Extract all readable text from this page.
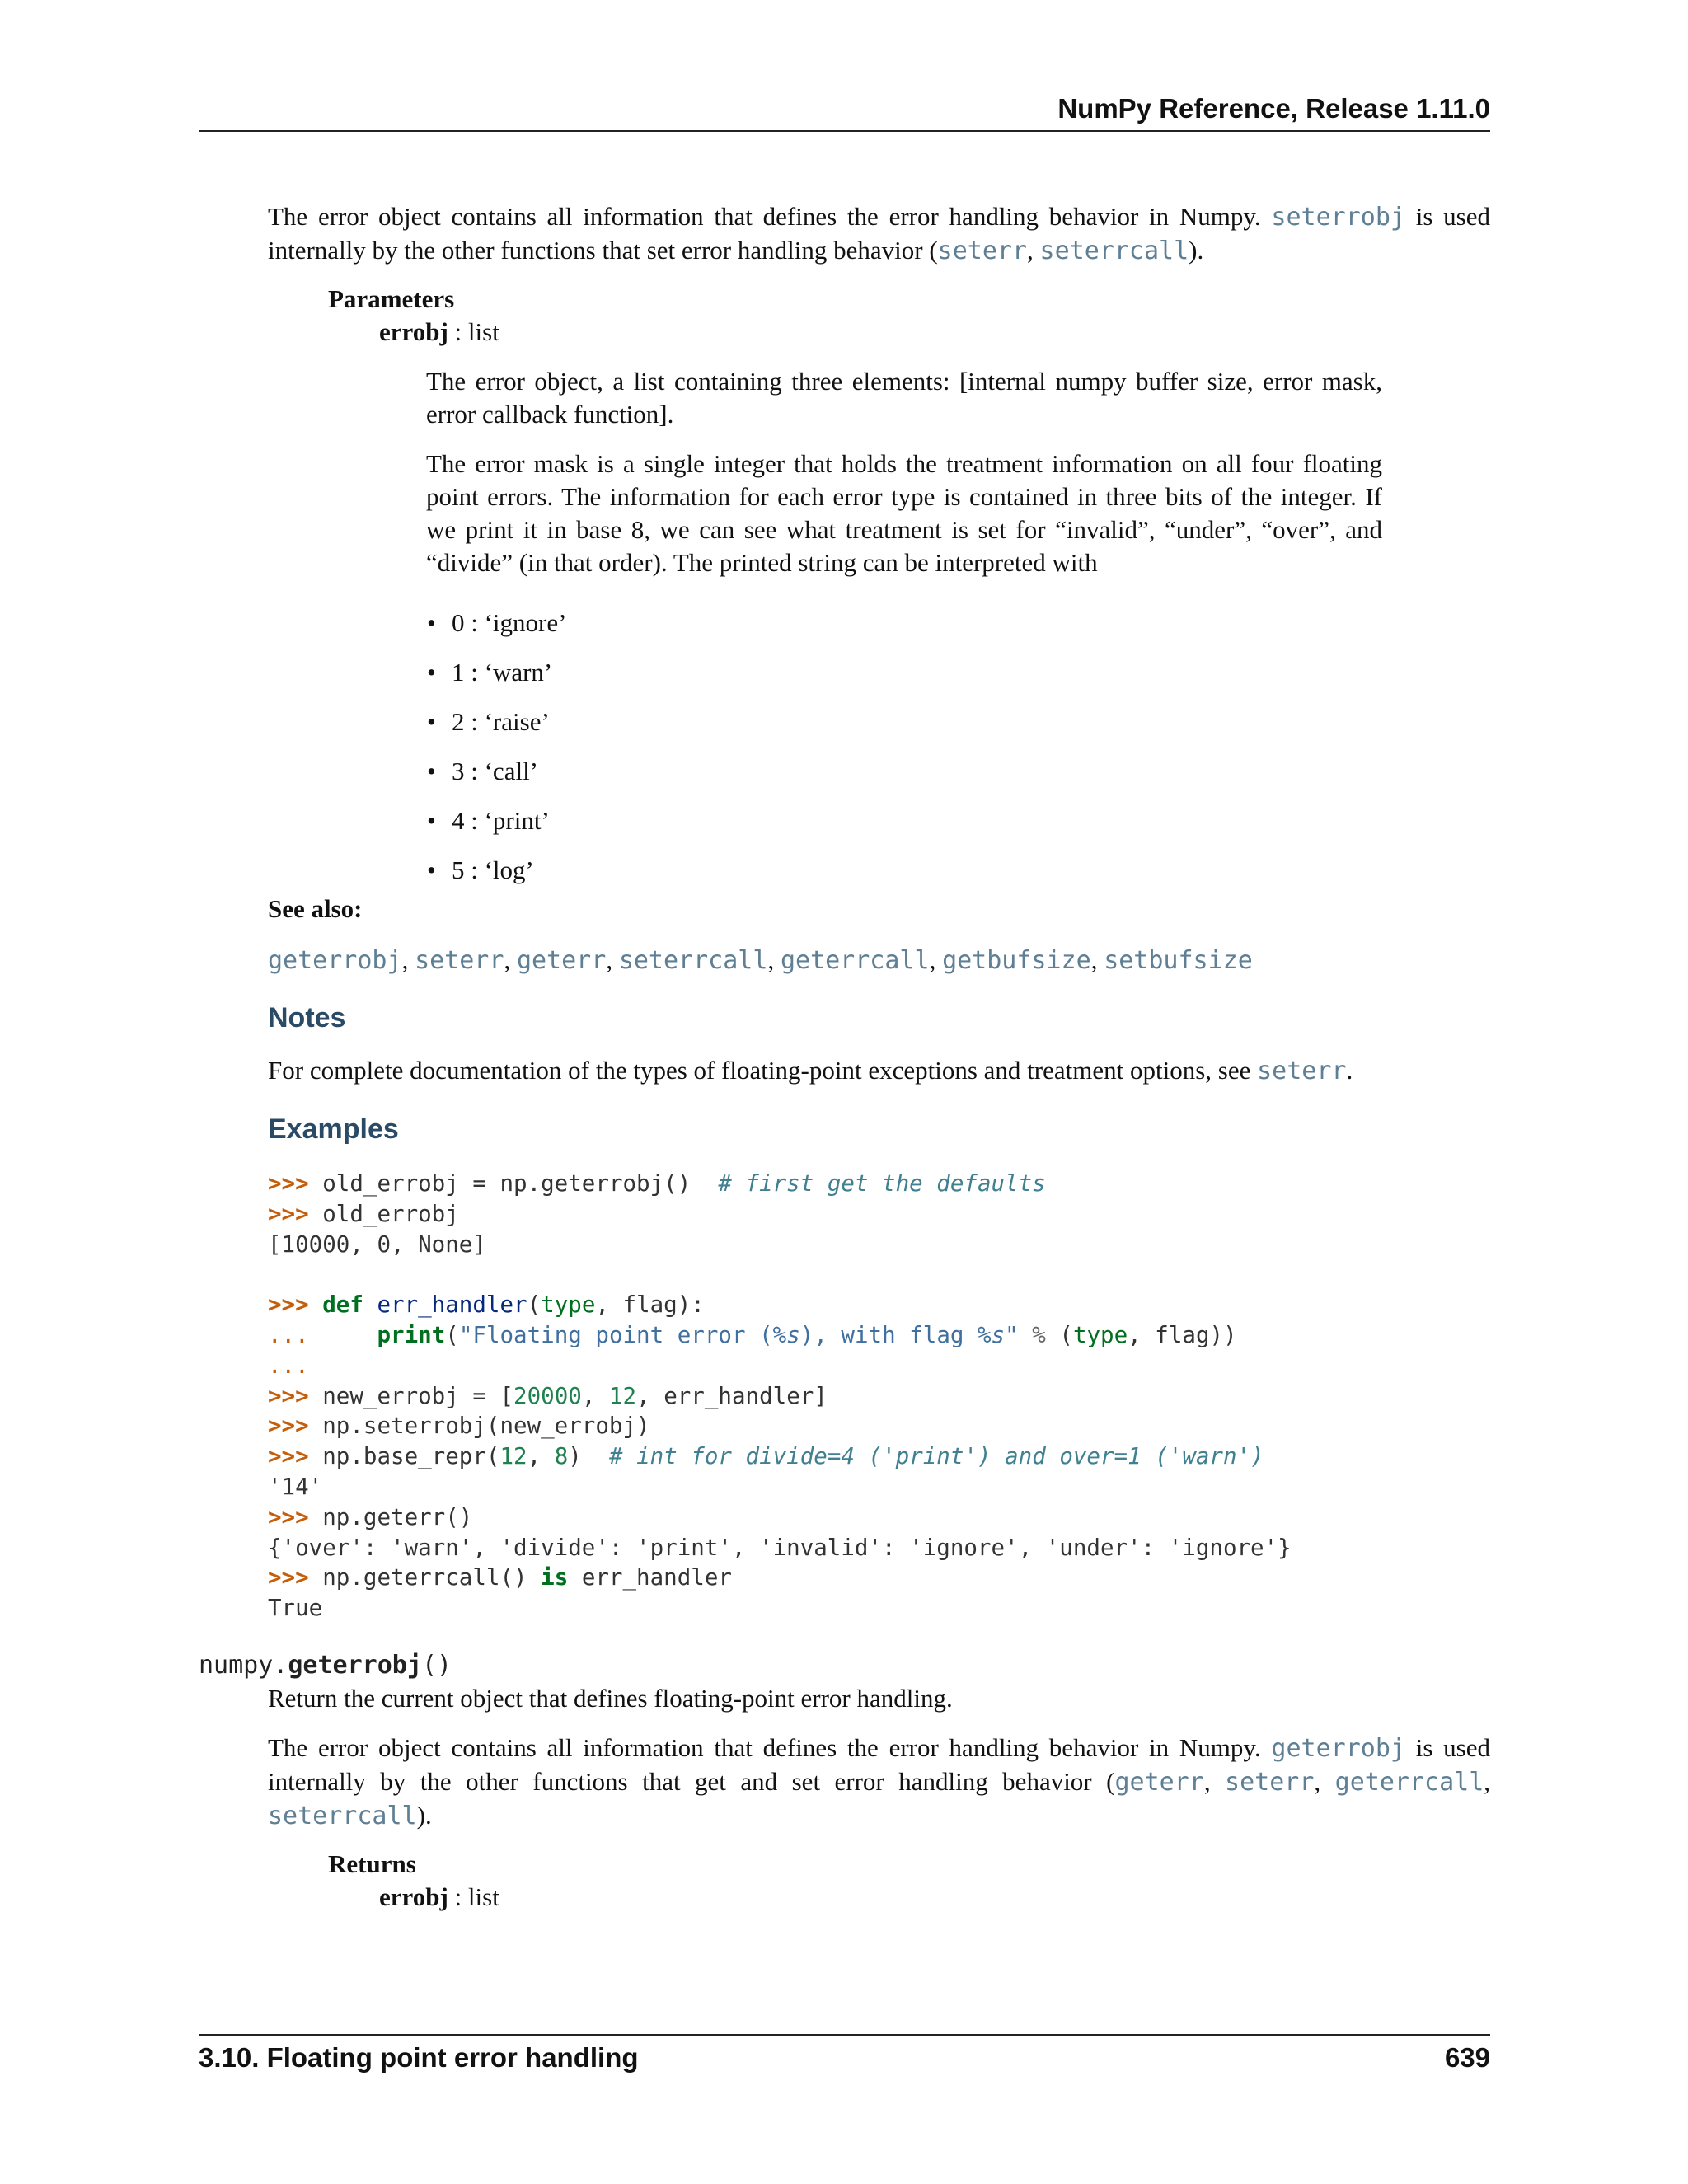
NumPy Reference, Release 1.11.0
The error object contains all information that defines the error handling behavior in Numpy. seterrobj is used internally by the other functions that set error handling behavior (seterr, seterrcall).
Parameters
errobj : list
The error object, a list containing three elements: [internal numpy buffer size, error mask, error callback function].
The error mask is a single integer that holds the treatment information on all four floating point errors. The information for each error type is contained in three bits of the integer. If we print it in base 8, we can see what treatment is set for “invalid”, “under”, “over”, and “divide” (in that order). The printed string can be interpreted with
• 0 : ‘ignore’
• 1 : ‘warn’
• 2 : ‘raise’
• 3 : ‘call’
• 4 : ‘print’
• 5 : ‘log’
See also:
geterrobj, seterr, geterr, seterrcall, geterrcall, getbufsize, setbufsize
Notes
For complete documentation of the types of floating-point exceptions and treatment options, see seterr.
Examples
>>> old_errobj = np.geterrobj()  # first get the defaults
>>> old_errobj
[10000, 0, None]

>>> def err_handler(type, flag):
...	print("Floating point error (%s), with flag %s" % (type, flag))
...
>>> new_errobj = [20000, 12, err_handler]
>>> np.seterrobj(new_errobj)
>>> np.base_repr(12, 8)  # int for divide=4 ('print') and over=1 ('warn')
'14'
>>> np.geterr()
{'over': 'warn', 'divide': 'print', 'invalid': 'ignore', 'under': 'ignore'}
>>> np.geterrcall() is err_handler
True
numpy.geterrobj()
Return the current object that defines floating-point error handling.
The error object contains all information that defines the error handling behavior in Numpy. geterrobj is used internally by the other functions that get and set error handling behavior (geterr, seterr, geterrcall, seterrcall).
Returns
errobj : list
3.10. Floating point error handling	639
